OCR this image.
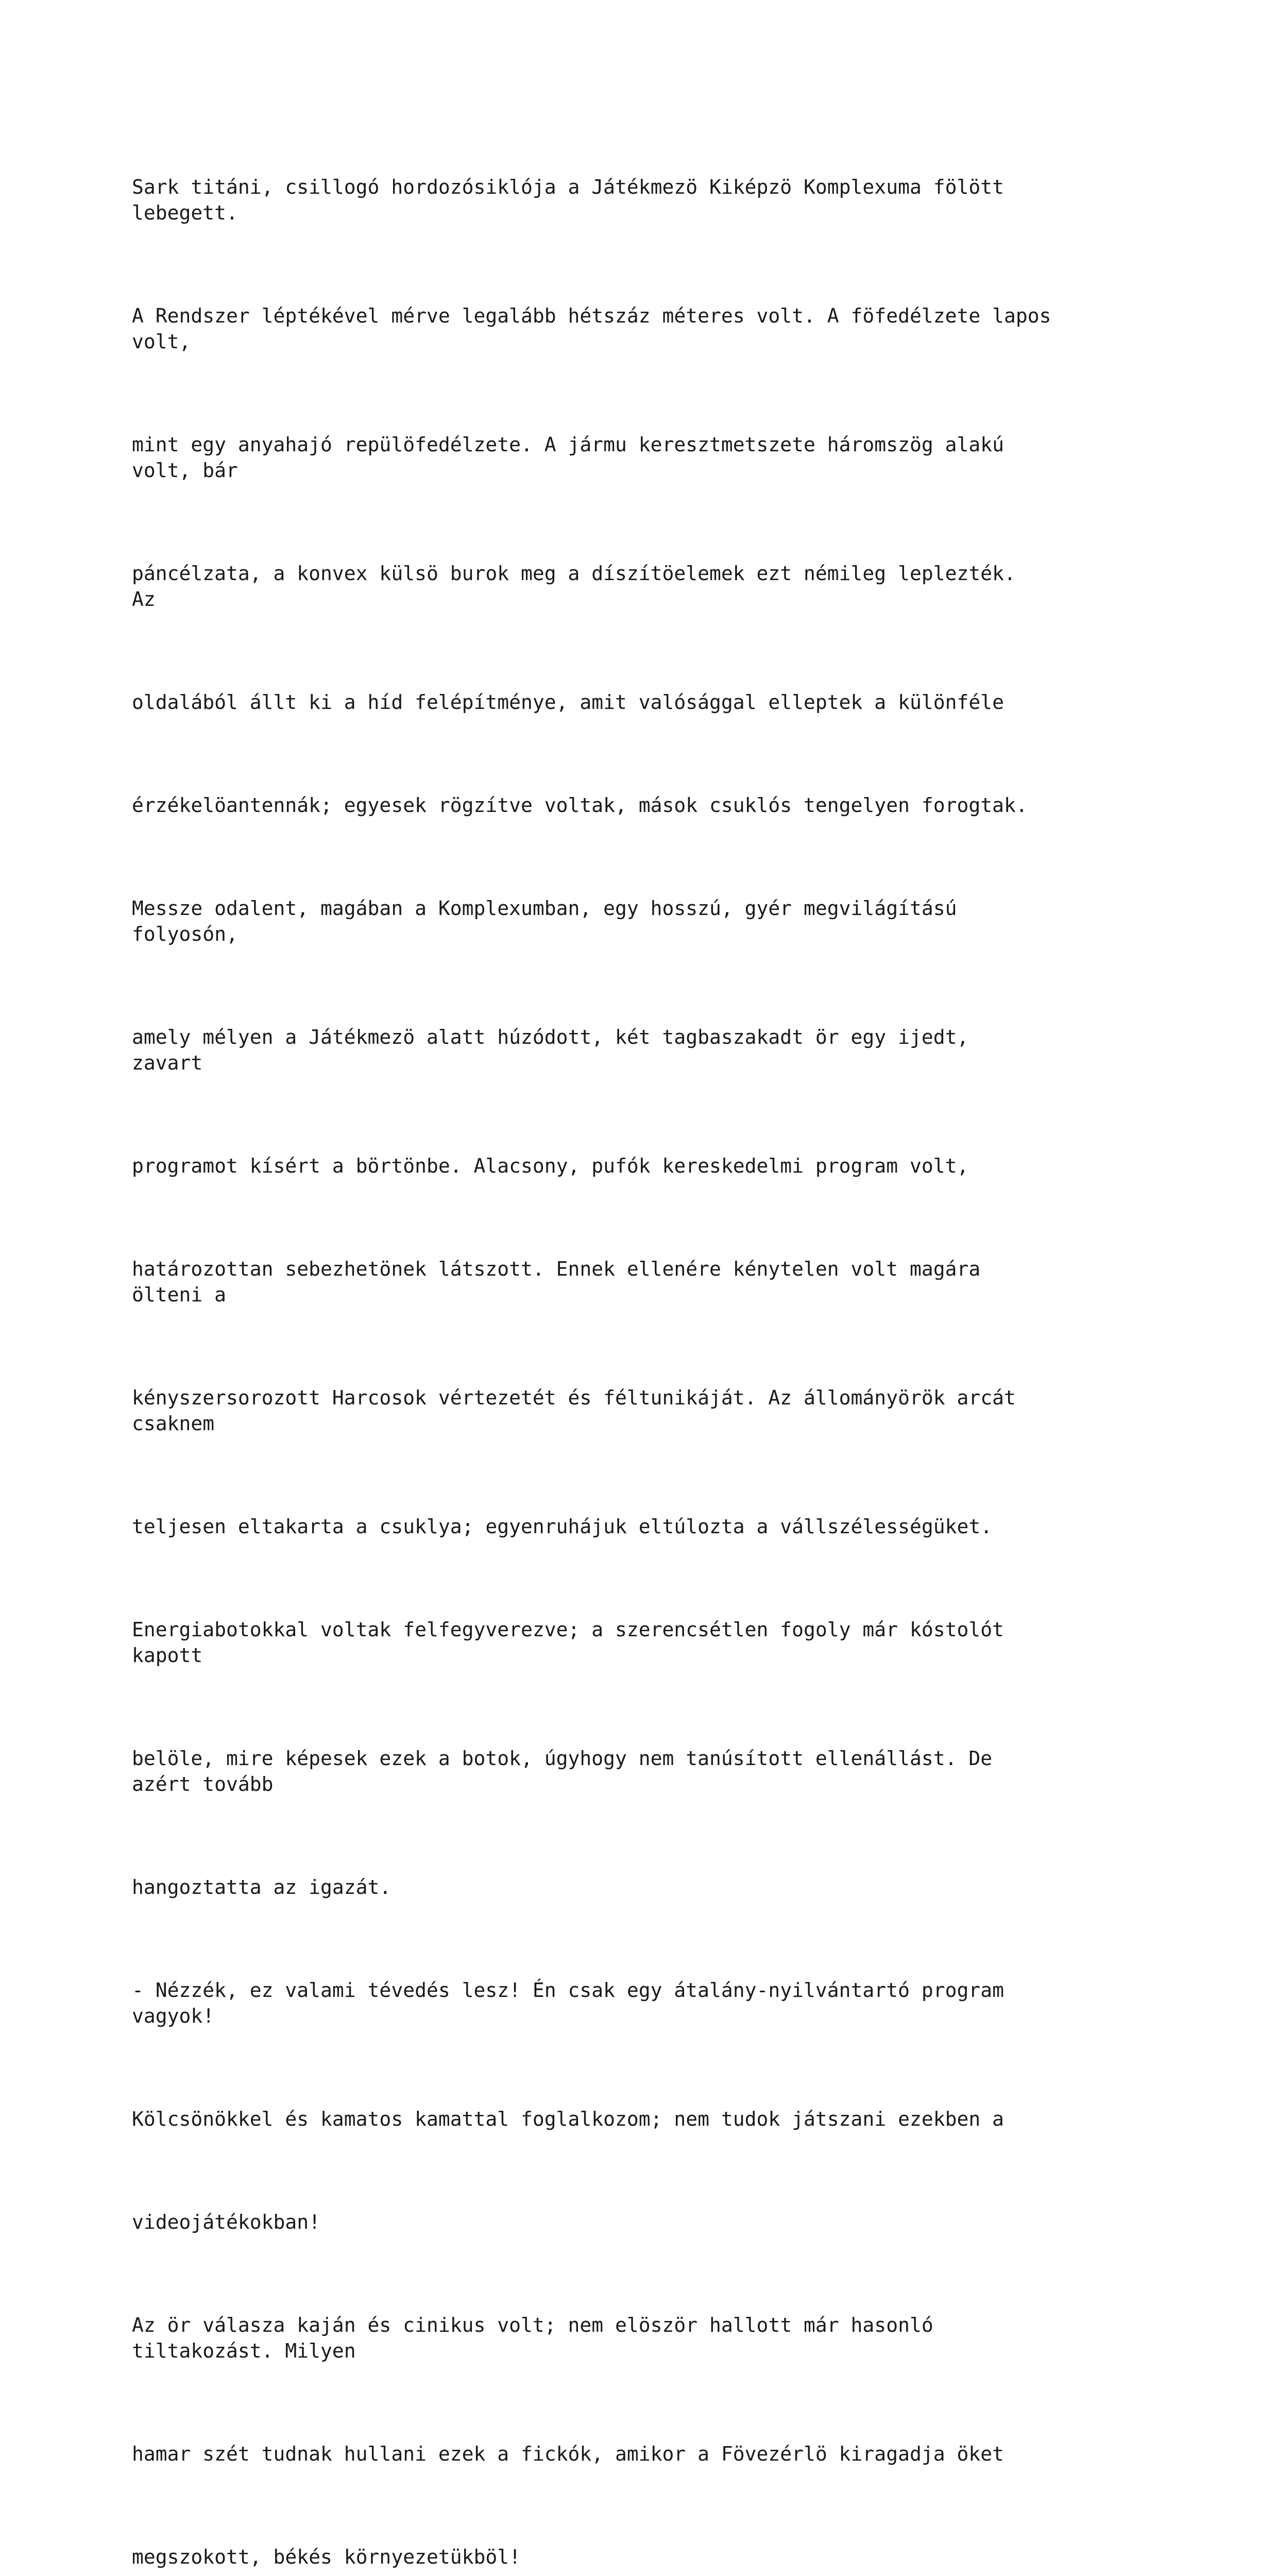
Sark titáni, csillogó hordozósiklója a Játékmezö Kiképzö Komplexuma fölött
lebegett.

A Rendszer léptékével mérve legalább hétszáz méteres volt. A föfedélzete lapos
volt,

mint egy anyahajó repülöfedélzete. A jármu keresztmetszete háromszög alakú
volt, bár

páncélzata, a konvex külsö burok meg a díszítöelemek ezt némileg leplezték.
Az

oldalából állt ki a híd felépítménye, amit valósággal elleptek a különféle

érzékelöantennák; egyesek rögzítve voltak, mások csuklós tengelyen forogtak.

Messze odalent, magában a Komplexumban, egy hosszú, gyér megvilágítású
folyosón,

amely mélyen a Játékmezö alatt húzódott, két tagbaszakadt ör egy ijedt,
zavart

programot kísért a börtönbe. Alacsony, pufók kereskedelmi program volt,

határozottan sebezhetönek látszott. Ennek ellenére kénytelen volt magára
ölteni a

kényszersorozott Harcosok vértezetét és féltunikáját. Az állományörök arcát
csaknem

teljesen eltakarta a csuklya; egyenruhájuk eltúlozta a vállszélességüket.

Energiabotokkal voltak felfegyverezve; a szerencsétlen fogoly már kóstolót
kapott

belöle, mire képesek ezek a botok, úgyhogy nem tanúsított ellenállást. De
azért tovább

hangoztatta az igazát.

- Nézzék, ez valami tévedés lesz! Én csak egy átalány-nyilvántartó program
vagyok!

Kölcsönökkel és kamatos kamattal foglalkozom; nem tudok játszani ezekben a

videojátékokban!

Az ör válasza kaján és cinikus volt; nem elöször hallott már hasonló
tiltakozást. Milyen

hamar szét tudnak hullani ezek a fickók, amikor a Fövezérlö kiragadja öket

megszokott, békés környezetükböl!
